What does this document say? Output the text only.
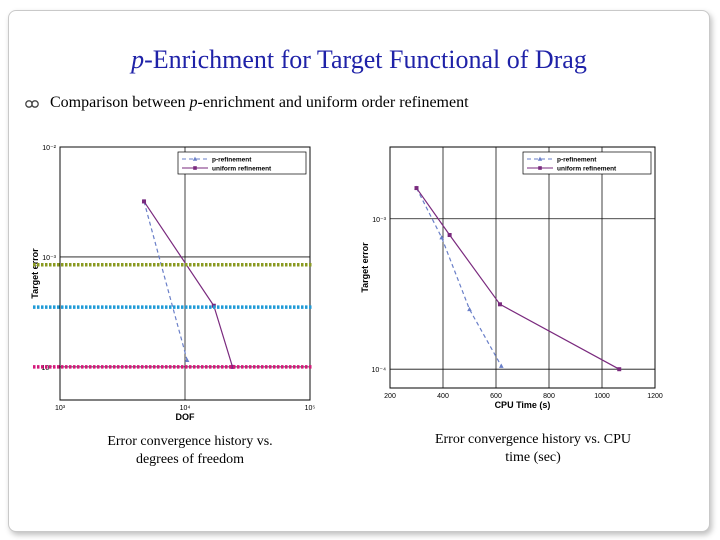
p-Enrichment for Target Functional of Drag
Comparison between p-enrichment and uniform order refinement
10³	10⁴	10⁵
10⁻²
10⁻³
10⁻⁴
DOF
Target error
p-refinement
uniform refinement
200	400	600	800	1000	1200
10⁻³
10⁻⁴
CPU Time (s)
Target error
p-refinement
uniform refinement
Error convergence history vs. degrees of freedom
Error convergence history vs. CPU time (sec)
